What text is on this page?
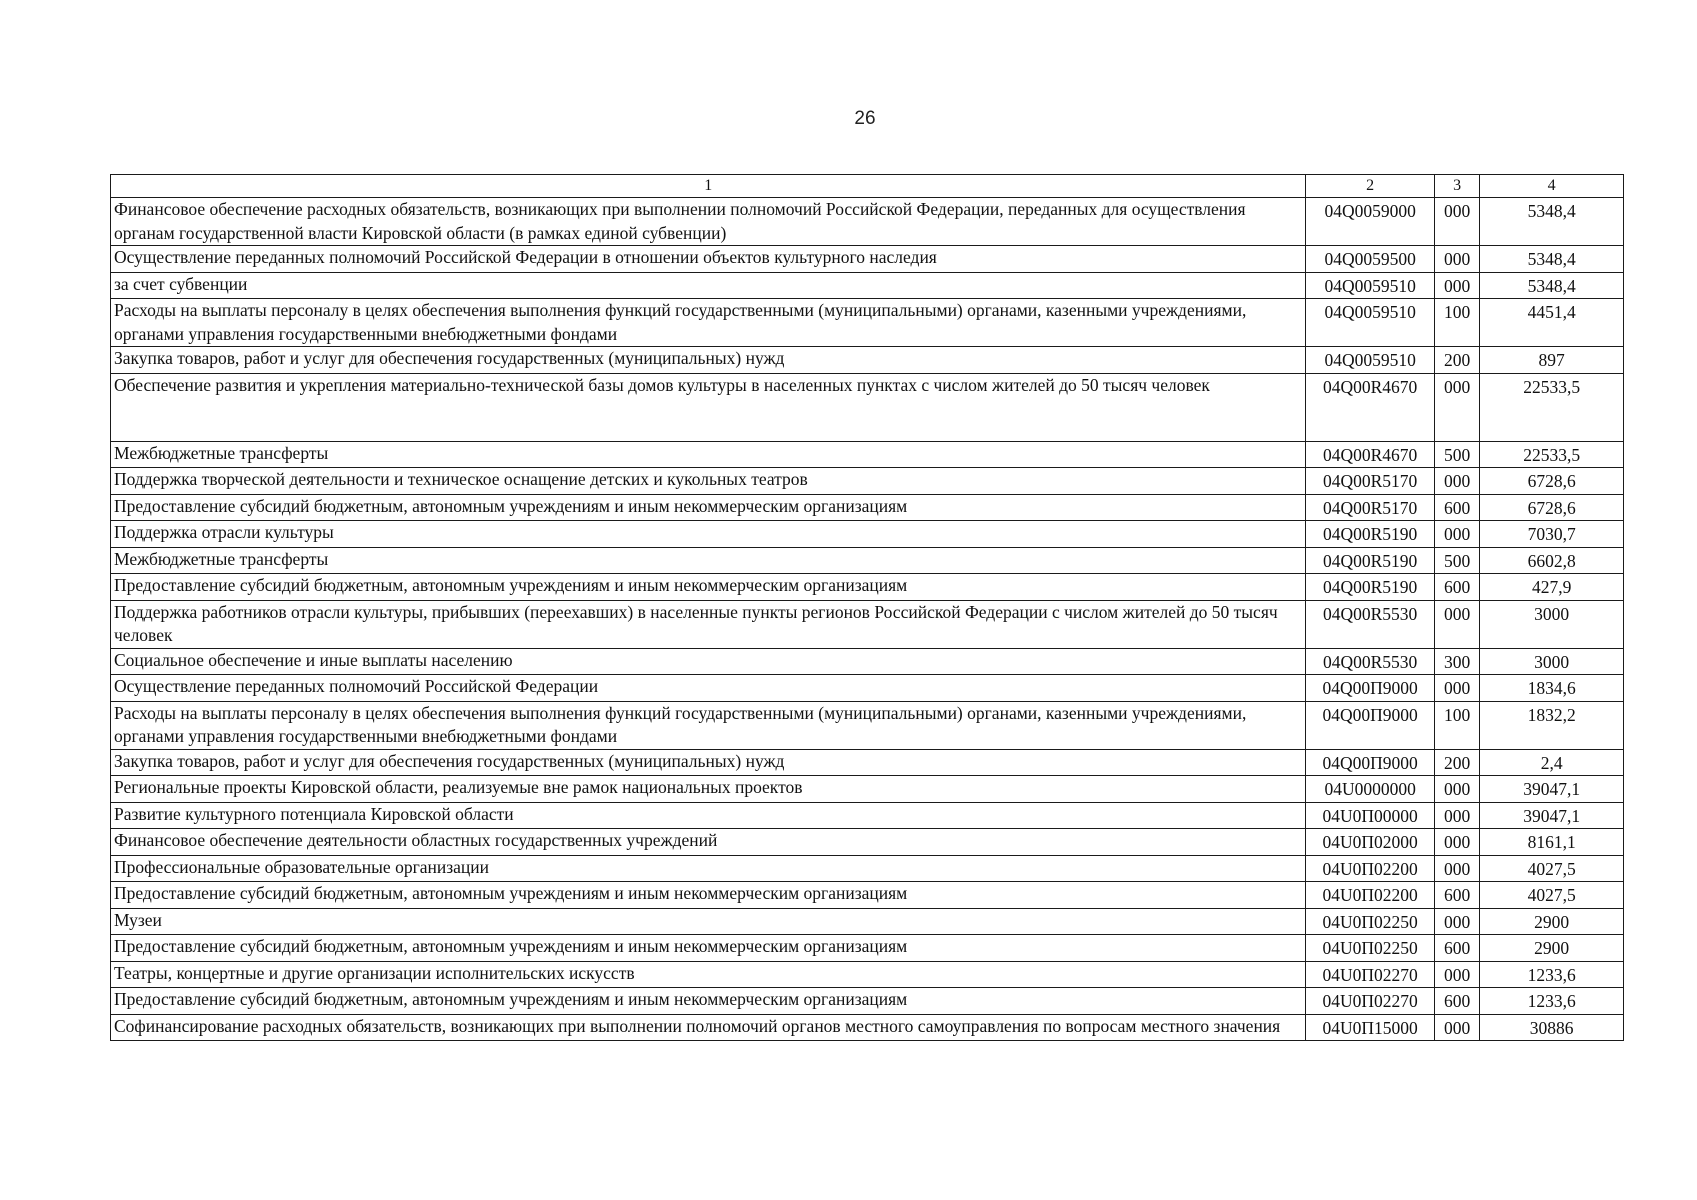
26
1	2	3	4
Финансовое обеспечение расходных обязательств, возникающих при выполнении полномочий Российской Федерации, переданных для осуществления органам государственной власти Кировской области (в рамках единой субвенции)	04Q0059000	000	5348,4
Осуществление переданных полномочий Российской Федерации в отношении объектов культурного наследия	04Q0059500	000	5348,4
за счет субвенции	04Q0059510	000	5348,4
Расходы на выплаты персоналу в целях обеспечения выполнения функций государственными (муниципальными) органами, казенными учреждениями, органами управления государственными внебюджетными фондами	04Q0059510	100	4451,4
Закупка товаров, работ и услуг для обеспечения государственных (муниципальных) нужд	04Q0059510	200	897
Обеспечение развития и укрепления материально-технической базы домов культуры в населенных пунктах с числом жителей до 50 тысяч человек	04Q00R4670	000	22533,5
Межбюджетные трансферты	04Q00R4670	500	22533,5
Поддержка творческой деятельности и техническое оснащение детских и кукольных театров	04Q00R5170	000	6728,6
Предоставление субсидий бюджетным, автономным учреждениям и иным некоммерческим организациям	04Q00R5170	600	6728,6
Поддержка отрасли культуры	04Q00R5190	000	7030,7
Межбюджетные трансферты	04Q00R5190	500	6602,8
Предоставление субсидий бюджетным, автономным учреждениям и иным некоммерческим организациям	04Q00R5190	600	427,9
Поддержка работников отрасли культуры, прибывших (переехавших) в населенные пункты регионов Российской Федерации с числом жителей до 50 тысяч человек	04Q00R5530	000	3000
Социальное обеспечение и иные выплаты населению	04Q00R5530	300	3000
Осуществление переданных полномочий Российской Федерации	04Q00П9000	000	1834,6
Расходы на выплаты персоналу в целях обеспечения выполнения функций государственными (муниципальными) органами, казенными учреждениями, органами управления государственными внебюджетными фондами	04Q00П9000	100	1832,2
Закупка товаров, работ и услуг для обеспечения государственных (муниципальных) нужд	04Q00П9000	200	2,4
Региональные проекты Кировской области, реализуемые вне рамок национальных проектов	04U0000000	000	39047,1
Развитие культурного потенциала Кировской области	04U0П00000	000	39047,1
Финансовое обеспечение деятельности областных государственных учреждений	04U0П02000	000	8161,1
Профессиональные образовательные организации	04U0П02200	000	4027,5
Предоставление субсидий бюджетным, автономным учреждениям и иным некоммерческим организациям	04U0П02200	600	4027,5
Музеи	04U0П02250	000	2900
Предоставление субсидий бюджетным, автономным учреждениям и иным некоммерческим организациям	04U0П02250	600	2900
Театры, концертные и другие организации исполнительских искусств	04U0П02270	000	1233,6
Предоставление субсидий бюджетным, автономным учреждениям и иным некоммерческим организациям	04U0П02270	600	1233,6
Софинансирование расходных обязательств, возникающих при выполнении полномочий органов местного самоуправления по вопросам местного значения	04U0П15000	000	30886
